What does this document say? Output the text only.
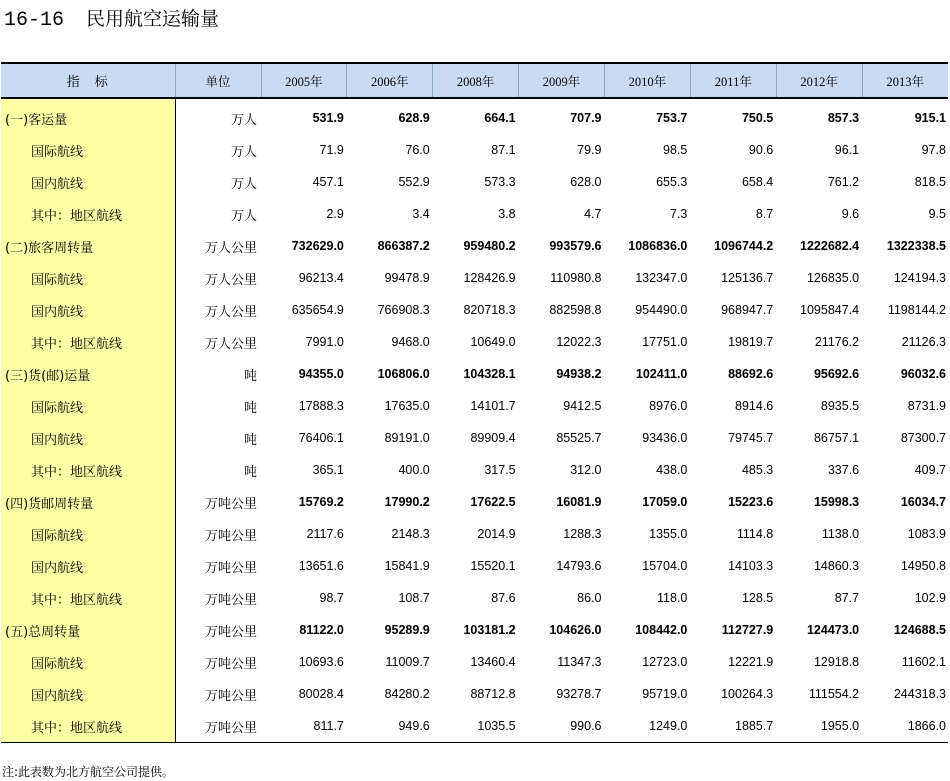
16-16 民用航空运输量
指　标	单位	2005年	2006年	2008年	2009年	2010年	2011年	2012年	2013年
(一)客运量	万人	531.9	628.9	664.1	707.9	753.7	750.5	857.3	915.1
国际航线	万人	71.9	76.0	87.1	79.9	98.5	90.6	96.1	97.8
国内航线	万人	457.1	552.9	573.3	628.0	655.3	658.4	761.2	818.5
其中：地区航线	万人	2.9	3.4	3.8	4.7	7.3	8.7	9.6	9.5
(二)旅客周转量	万人公里	732629.0	866387.2	959480.2	993579.6	1086836.0	1096744.2	1222682.4	1322338.5
国际航线	万人公里	96213.4	99478.9	128426.9	110980.8	132347.0	125136.7	126835.0	124194.3
国内航线	万人公里	635654.9	766908.3	820718.3	882598.8	954490.0	968947.7	1095847.4	1198144.2
其中：地区航线	万人公里	7991.0	9468.0	10649.0	12022.3	17751.0	19819.7	21176.2	21126.3
(三)货(邮)运量	吨	94355.0	106806.0	104328.1	94938.2	102411.0	88692.6	95692.6	96032.6
国际航线	吨	17888.3	17635.0	14101.7	9412.5	8976.0	8914.6	8935.5	8731.9
国内航线	吨	76406.1	89191.0	89909.4	85525.7	93436.0	79745.7	86757.1	87300.7
其中：地区航线	吨	365.1	400.0	317.5	312.0	438.0	485.3	337.6	409.7
(四)货邮周转量	万吨公里	15769.2	17990.2	17622.5	16081.9	17059.0	15223.6	15998.3	16034.7
国际航线	万吨公里	2117.6	2148.3	2014.9	1288.3	1355.0	1114.8	1138.0	1083.9
国内航线	万吨公里	13651.6	15841.9	15520.1	14793.6	15704.0	14103.3	14860.3	14950.8
其中：地区航线	万吨公里	98.7	108.7	87.6	86.0	118.0	128.5	87.7	102.9
(五)总周转量	万吨公里	81122.0	95289.9	103181.2	104626.0	108442.0	112727.9	124473.0	124688.5
国际航线	万吨公里	10693.6	11009.7	13460.4	11347.3	12723.0	12221.9	12918.8	11602.1
国内航线	万吨公里	80028.4	84280.2	88712.8	93278.7	95719.0	100264.3	111554.2	244318.3
其中：地区航线	万吨公里	811.7	949.6	1035.5	990.6	1249.0	1885.7	1955.0	1866.0
注:此表数为北方航空公司提供。
